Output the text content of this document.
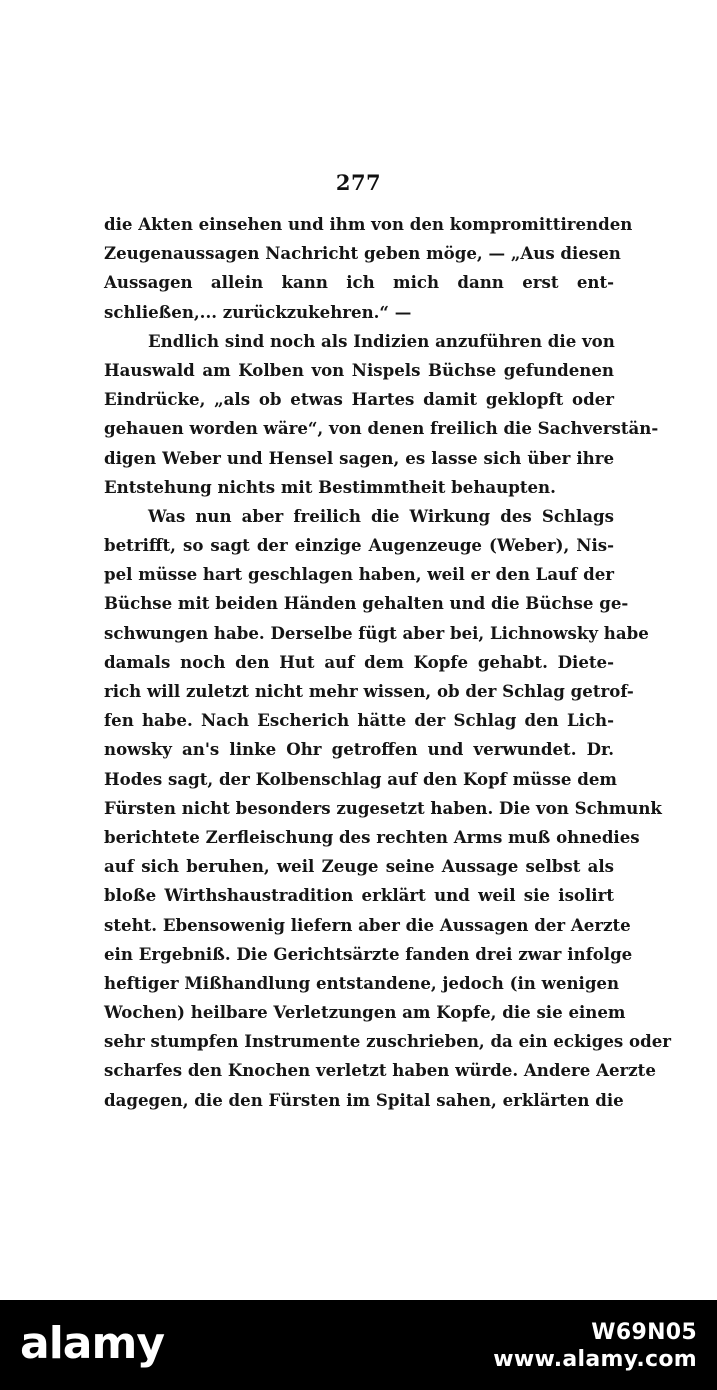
277
die Akten einsehen und ihm von den kompromittirenden
Zeugenaussagen Nachricht geben möge, — „Aus diesen
Aussagen allein kann ich mich dann erst ent-
schließen,... zurückzukehren.“ —
Endlich sind noch als Indizien anzuführen die von
Hauswald am Kolben von Nispels Büchse gefundenen
Eindrücke, „als ob etwas Hartes damit geklopft oder
gehauen worden wäre“, von denen freilich die Sachverstän-
digen Weber und Hensel sagen, es lasse sich über ihre
Entstehung nichts mit Bestimmtheit behaupten.
Was nun aber freilich die Wirkung des Schlags
betrifft, so sagt der einzige Augenzeuge (Weber), Nis-
pel müsse hart geschlagen haben, weil er den Lauf der
Büchse mit beiden Händen gehalten und die Büchse ge-
schwungen habe. Derselbe fügt aber bei, Lichnowsky habe
damals noch den Hut auf dem Kopfe gehabt. Diete-
rich will zuletzt nicht mehr wissen, ob der Schlag getrof-
fen habe. Nach Escherich hätte der Schlag den Lich-
nowsky an's linke Ohr getroffen und verwundet. Dr.
Hodes sagt, der Kolbenschlag auf den Kopf müsse dem
Fürsten nicht besonders zugesetzt haben. Die von Schmunk
berichtete Zerfleischung des rechten Arms muß ohnedies
auf sich beruhen, weil Zeuge seine Aussage selbst als
bloße Wirthshaustradition erklärt und weil sie isolirt
steht. Ebensowenig liefern aber die Aussagen der Aerzte
ein Ergebniß. Die Gerichtsärzte fanden drei zwar infolge
heftiger Mißhandlung entstandene, jedoch (in wenigen
Wochen) heilbare Verletzungen am Kopfe, die sie einem
sehr stumpfen Instrumente zuschrieben, da ein eckiges oder
scharfes den Knochen verletzt haben würde. Andere Aerzte
dagegen, die den Fürsten im Spital sahen, erklärten die
alamy	W69N05
www.alamy.com
